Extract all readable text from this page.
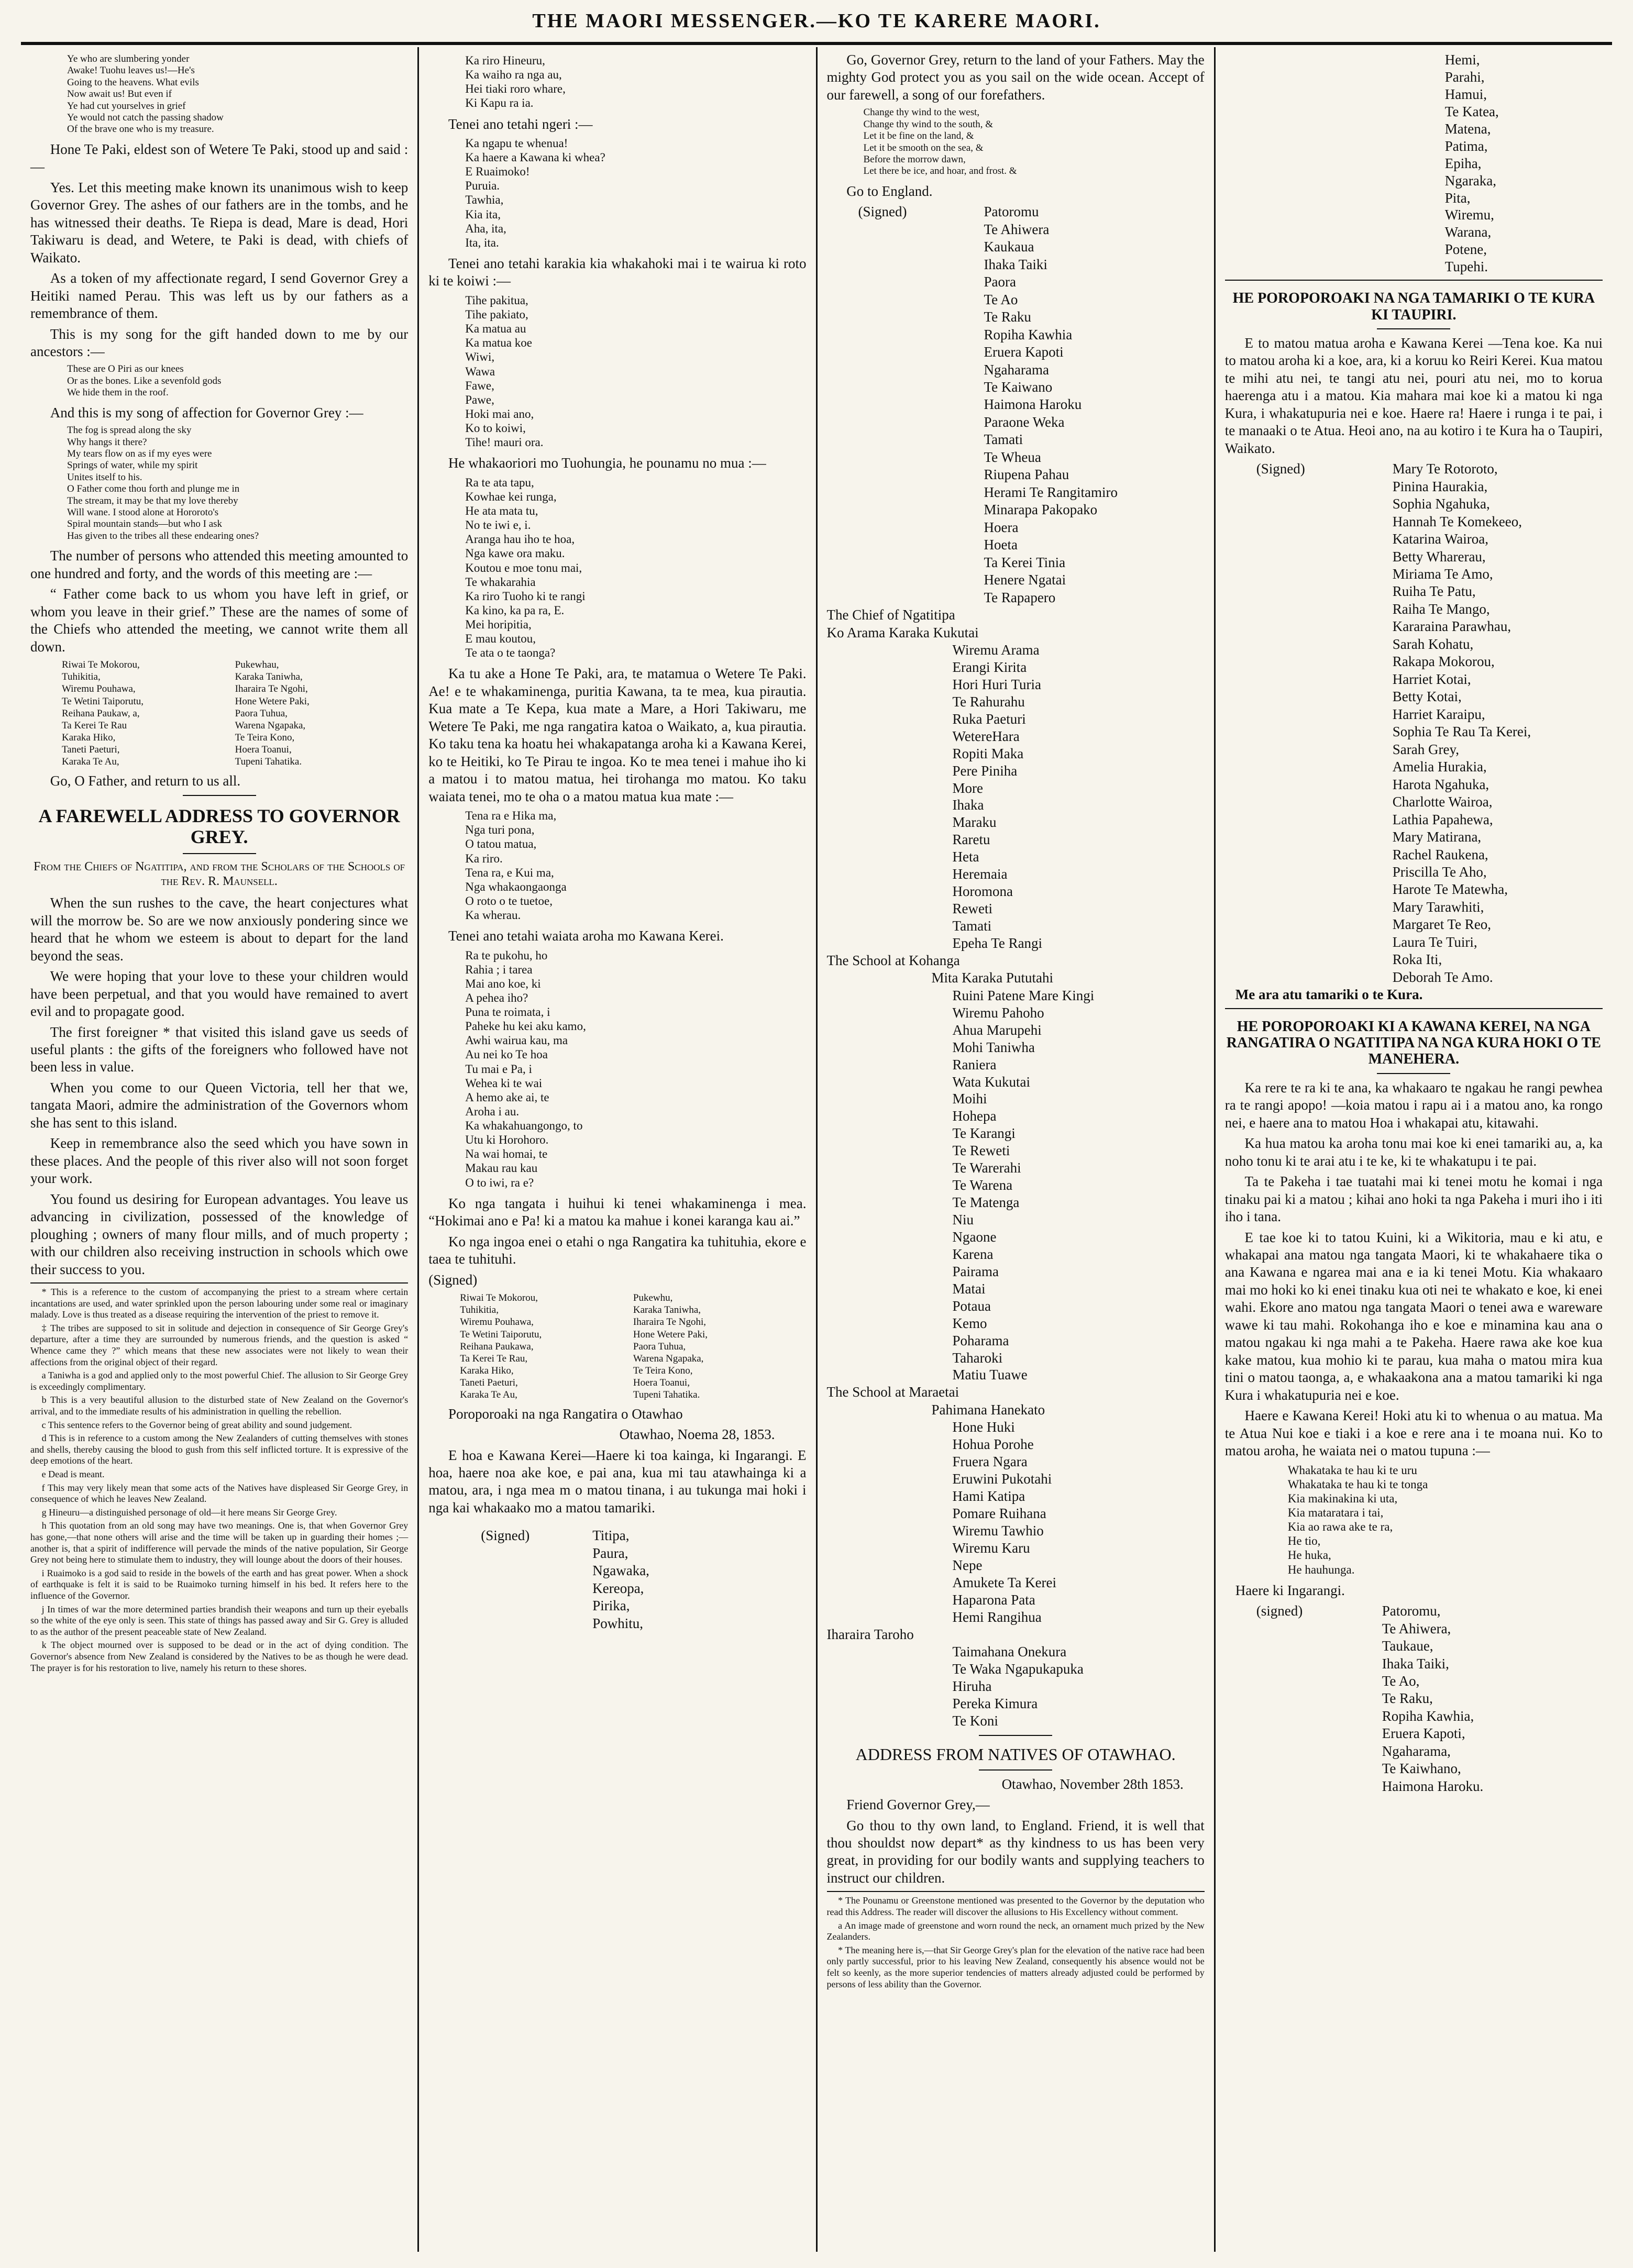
THE MAORI MESSENGER.—KO TE KARERE MAORI.
Ye who are slumbering yonder
Awake! Tuohu leaves us!—He's
Going to the heavens. What evils
Now await us! But even if
Ye had cut yourselves in grief
Ye would not catch the passing shadow
Of the brave one who is my treasure.

Hone Te Paki, eldest son of Wetere Te Paki, stood up and said :—

Yes. Let this meeting make known its unanimous wish to keep Governor Grey. The ashes of our fathers are in the tombs, and he has witnessed their deaths. Te Riepa is dead, Mare is dead, Hori Takiwaru is dead, and Wetere, te Paki is dead, with chiefs of Waikato.

As a token of my affectionate regard, I send Governor Grey a Heitiki named Perau. This was left us by our fathers as a remembrance of them.

This is my song for the gift handed down to me by our ancestors :—

These are O Piri as our knees
Or as the bones. Like a sevenfold gods
We hide them in the roof.

And this is my song of affection for Governor Grey :—

The fog is spread along the sky
Why hangs it there?
My tears flow on as if my eyes were
Springs of water, while my spirit
Unites itself to his.
O Father come thou forth and plunge me in
The stream, it may be that my love thereby
Will wane. I stood alone at Hororoto's
Spiral mountain stands—but who I ask
Has given to the tribes all these endearing ones?

The number of persons who attended this meeting amounted to one hundred and forty, and the words of this meeting are :—

“ Father come back to us whom you have left in grief, or whom you leave in their grief.” These are the names of some of the Chiefs who attended the meeting, we cannot write them all down.

Riwai Te Mokorou,	Pukewhau,
Tuhikitia,	Karaka Taniwha,
Wiremu Pouhawa,	Iharaira Te Ngohi,
Te Wetini Taiporutu,	Hone Wetere Paki,
Reihana Paukaw, a,	Paora Tuhua,
Ta Kerei Te Rau	Warena Ngapaka,
Karaka Hiko,	Te Teira Kono,
Taneti Paeturi,	Hoera Toanui,
Karaka Te Au,	Tupeni Tahatika.

Go, O Father, and return to us all.

A FAREWELL ADDRESS TO GOVERNOR GREY.
From the Chiefs of Ngatitipa, and from the Scholars of the Schools of the Rev. R. Maunsell.

When the sun rushes to the cave, the heart conjectures what will the morrow be. So are we now anxiously pondering since we heard that he whom we esteem is about to depart for the land beyond the seas.

We were hoping that your love to these your children would have been perpetual, and that you would have remained to avert evil and to propagate good.

The first foreigner * that visited this island gave us seeds of useful plants : the gifts of the foreigners who followed have not been less in value.

When you come to our Queen Victoria, tell her that we, tangata Maori, admire the administration of the Governors whom she has sent to this island.

Keep in remembrance also the seed which you have sown in these places. And the people of this river also will not soon forget your work.

You found us desiring for European advantages. You leave us advancing in civilization, possessed of the knowledge of ploughing ; owners of many flour mills, and of much property ; with our children also receiving instruction in schools which owe their success to you.

* This is a reference to the custom of accompanying the priest to a stream where certain incantations are used, and water sprinkled upon the person labouring under some real or imaginary malady. Love is thus treated as a disease requiring the intervention of the priest to remove it.

‡ The tribes are supposed to sit in solitude and dejection in consequence of Sir George Grey's departure, after a time they are surrounded by numerous friends, and the question is asked “ Whence came they ?” which means that these new associates were not likely to wean their affections from the original object of their regard.

a Taniwha is a god and applied only to the most powerful Chief. The allusion to Sir George Grey is exceedingly complimentary.

b This is a very beautiful allusion to the disturbed state of New Zealand on the Governor's arrival, and to the immediate results of his administration in quelling the rebellion.

c This sentence refers to the Governor being of great ability and sound judgement.

d This is in reference to a custom among the New Zealanders of cutting themselves with stones and shells, thereby causing the blood to gush from this self inflicted torture. It is expressive of the deep emotions of the heart.

e Dead is meant.

f This may very likely mean that some acts of the Natives have displeased Sir George Grey, in consequence of which he leaves New Zealand.

g Hineuru—a distinguished personage of old—it here means Sir George Grey.

h This quotation from an old song may have two meanings. One is, that when Governor Grey has gone,—that none others will arise and the time will be taken up in guarding their homes ;—another is, that a spirit of indifference will pervade the minds of the native population, Sir George Grey not being here to stimulate them to industry, they will lounge about the doors of their houses.

i Ruaimoko is a god said to reside in the bowels of the earth and has great power. When a shock of earthquake is felt it is said to be Ruaimoko turning himself in his bed. It refers here to the influence of the Governor.

j In times of war the more determined parties brandish their weapons and turn up their eyeballs so the white of the eye only is seen. This state of things has passed away and Sir G. Grey is alluded to as the author of the present peaceable state of New Zealand.

k The object mourned over is supposed to be dead or in the act of dying condition. The Governor's absence from New Zealand is considered by the Natives to be as though he were dead. The prayer is for his restoration to live, namely his return to these shores.

Ka riro Hineuru,
Ka waiho ra nga au,
Hei tiaki roro whare,
Ki Kapu ra ia.

Tenei ano tetahi ngeri :—

Ka ngapu te whenua!
Ka haere a Kawana ki whea?
E Ruaimoko!
Puruia.
Tawhia,
Kia ita,
Aha, ita,
Ita, ita.

Tenei ano tetahi karakia kia whakahoki mai i te wairua ki roto ki te koiwi :—

Tihe pakitua,
Tihe pakiato,
Ka matua au
Ka matua koe
Wiwi,
Wawa
Fawe,
Pawe,
Hoki mai ano,
Ko to koiwi,
Tihe! mauri ora.

He whakaoriori mo Tuohungia, he pounamu no mua :—

Ra te ata tapu,
Kowhae kei runga,
He ata mata tu,
No te iwi e, i.
Aranga hau iho te hoa,
Nga kawe ora maku.
Koutou e moe tonu mai,
Te whakarahia
Ka riro Tuoho ki te rangi
Ka kino, ka pa ra, E.
Mei horipitia,
E mau koutou,
Te ata o te taonga?

Ka tu ake a Hone Te Paki, ara, te matamua o Wetere Te Paki. Ae! e te whakaminenga, puritia Kawana, ta te mea, kua pirautia. Kua mate a Te Kepa, kua mate a Mare, a Hori Takiwaru, me Wetere Te Paki, me nga rangatira katoa o Waikato, a, kua pirautia. Ko taku tena ka hoatu hei whakapatanga aroha ki a Kawana Kerei, ko te Heitiki, ko Te Pirau te ingoa. Ko te mea tenei i mahue iho ki a matou i to matou matua, hei tirohanga mo matou. Ko taku waiata tenei, mo te oha o a matou matua kua mate :—

Tena ra e Hika ma,
Nga turi pona,
O tatou matua,
Ka riro.
Tena ra, e Kui ma,
Nga whakaongaonga
O roto o te tuetoe,
Ka wherau.

Tenei ano tetahi waiata aroha mo Kawana Kerei.

Ra te pukohu, ho
Rahia ; i tarea
Mai ano koe, ki
A pehea iho?
Puna te roimata, i
Paheke hu kei aku kamo,
Awhi wairua kau, ma
Au nei ko Te hoa
Tu mai e Pa, i
Wehea ki te wai
A hemo ake ai, te
Aroha i au.
Ka whakahuangongo, to
Utu ki Horohoro.
Na wai homai, te
Makau rau kau
O to iwi, ra e?

Ko nga tangata i huihui ki tenei whakaminenga i mea. “Hokimai ano e Pa! ki a matou ka mahue i konei karanga kau ai.”

Ko nga ingoa enei o etahi o nga Rangatira ka tuhituhia, ekore e taea te tuhituhi.

(Signed)

Riwai Te Mokorou,	Pukewhu,
Tuhikitia,	Karaka Taniwha,
Wiremu Pouhawa,	Iharaira Te Ngohi,
Te Wetini Taiporutu,	Hone Wetere Paki,
Reihana Paukawa,	Paora Tuhua,
Ta Kerei Te Rau,	Warena Ngapaka,
Karaka Hiko,	Te Teira Kono,
Taneti Paeturi,	Hoera Toanui,
Karaka Te Au,	Tupeni Tahatika.

Poroporoaki na nga Rangatira o Otawhao

Otawhao, Noema 28, 1853.

E hoa e Kawana Kerei—Haere ki toa kainga, ki Ingarangi. E hoa, haere noa ake koe, e pai ana, kua mi tau atawhainga ki a matou, ara, i nga mea m o matou tinana, i au tukunga mai hoki i nga kai whakaako mo a matou tamariki.

(Signed)	Titipa,
Paura,
Ngawaka,
Kereopa,
Pirika,
Powhitu,

Go, Governor Grey, return to the land of your Fathers. May the mighty God protect you as you sail on the wide ocean. Accept of our farewell, a song of our forefathers.

Change thy wind to the west,
Change thy wind to the south, &
Let it be fine on the land, &
Let it be smooth on the sea, &
Before the morrow dawn,
Let there be ice, and hoar, and frost. &

Go to England.

(Signed)	Patoromu
Te Ahiwera
Kaukaua
Ihaka Taiki
Paora
Te Ao
Te Raku
Ropiha Kawhia
Eruera Kapoti
Ngaharama
Te Kaiwano
Haimona Haroku
Paraone Weka
Tamati
Te Wheua
Riupena Pahau
Herami Te Rangitamiro
Minarapa Pakopako
Hoera
Hoeta
Ta Kerei Tinia
Henere Ngatai
Te Rapapero
The Chief of Ngatitipa
Ko Arama Karaka Kukutai
Wiremu Arama
Erangi Kirita
Hori Huri Turia
Te Rahurahu
Ruka Paeturi
WetereHara
Ropiti Maka
Pere Piniha
More
Ihaka
Maraku
Raretu
Heta
Heremaia
Horomona
Reweti
Tamati
Epeha Te Rangi
The School at Kohanga
Mita Karaka Pututahi
Ruini Patene Mare Kingi
Wiremu Pahoho
Ahua Marupehi
Mohi Taniwha
Raniera
Wata Kukutai
Moihi
Hohepa
Te Karangi
Te Reweti
Te Warerahi
Te Warena
Te Matenga
Niu
Ngaone
Karena
Pairama
Matai
Potaua
Kemo
Poharama
Taharoki
Matiu Tuawe
The School at Maraetai
Pahimana Hanekato
Hone Huki
Hohua Porohe
Fruera Ngara
Eruwini Pukotahi
Hami Katipa
Pomare Ruihana
Wiremu Tawhio
Wiremu Karu
Nepe
Amukete Ta Kerei
Haparona Pata
Hemi Rangihua
Iharaira Taroho
Taimahana Onekura
Te Waka Ngapukapuka
Hiruha
Pereka Kimura
Te Koni
ADDRESS FROM NATIVES OF OTAWHAO.

Otawhao, November 28th 1853.

Friend Governor Grey,—

Go thou to thy own land, to England. Friend, it is well that thou shouldst now depart* as thy kindness to us has been very great, in providing for our bodily wants and supplying teachers to instruct our children.

* The Pounamu or Greenstone mentioned was presented to the Governor by the deputation who read this Address. The reader will discover the allusions to His Excellency without comment.

a An image made of greenstone and worn round the neck, an ornament much prized by the New Zealanders.

* The meaning here is,—that Sir George Grey's plan for the elevation of the native race had been only partly successful, prior to his leaving New Zealand, consequently his absence would not be felt so keenly, as the more superior tendencies of matters already adjusted could be performed by persons of less ability than the Governor.

Hemi,
Parahi,
Hamui,
Te Katea,
Matena,
Patima,
Epiha,
Ngaraka,
Pita,
Wiremu,
Warana,
Potene,
Tupehi.
HE POROPOROAKI NA NGA TAMARIKI O TE KURA KI TAUPIRI.

E to matou matua aroha e Kawana Kerei —Tena koe. Ka nui to matou aroha ki a koe, ara, ki a koruu ko Reiri Kerei. Kua matou te mihi atu nei, te tangi atu nei, pouri atu nei, mo to korua haerenga atu i a matou. Kia mahara mai koe ki a matou ki nga Kura, i whakatupuria nei e koe. Haere ra! Haere i runga i te pai, i te manaaki o te Atua. Heoi ano, na au kotiro i te Kura ha o Taupiri, Waikato.

(Signed)	Mary Te Rotoroto,
Pinina Haurakia,
Sophia Ngahuka,
Hannah Te Komekeeo,
Katarina Wairoa,
Betty Wharerau,
Miriama Te Amo,
Ruiha Te Patu,
Raiha Te Mango,
Kararaina Parawhau,
Sarah Kohatu,
Rakapa Mokorou,
Harriet Kotai,
Betty Kotai,
Harriet Karaipu,
Sophia Te Rau Ta Kerei,
Sarah Grey,
Amelia Hurakia,
Harota Ngahuka,
Charlotte Wairoa,
Lathia Papahewa,
Mary Matirana,
Rachel Raukena,
Priscilla Te Aho,
Harote Te Matewha,
Mary Tarawhiti,
Margaret Te Reo,
Laura Te Tuiri,
Roka Iti,
Deborah Te Amo.

Me ara atu tamariki o te Kura.

HE POROPOROAKI KI A KAWANA KEREI, NA NGA RANGATIRA O NGATITIPA NA NGA KURA HOKI O TE MANEHERA.

Ka rere te ra ki te ana, ka whakaaro te ngakau he rangi pewhea ra te rangi apopo! —koia matou i rapu ai i a matou ano, ka rongo nei, e haere ana to matou Hoa i whakapai atu, kitawahi.

Ka hua matou ka aroha tonu mai koe ki enei tamariki au, a, ka noho tonu ki te arai atu i te ke, ki te whakatupu i te pai.

Ta te Pakeha i tae tuatahi mai ki tenei motu he komai i nga tinaku pai ki a matou ; kihai ano hoki ta nga Pakeha i muri iho i iti iho i tana.

E tae koe ki to tatou Kuini, ki a Wikitoria, mau e ki atu, e whakapai ana matou nga tangata Maori, ki te whakahaere tika o ana Kawana e ngarea mai ana e ia ki tenei Motu. Kia whakaaro mai mo hoki ko ki enei tinaku kua oti nei te whakato e koe, ki enei wahi. Ekore ano matou nga tangata Maori o tenei awa e wareware wawe ki tau mahi. Rokohanga iho e koe e minamina kau ana o matou ngakau ki nga mahi a te Pakeha. Haere rawa ake koe kua kake matou, kua mohio ki te parau, kua maha o matou mira kua tini o matou taonga, a, e whakaakona ana a matou tamariki ki nga Kura i whakatupuria nei e koe.

Haere e Kawana Kerei! Hoki atu ki to whenua o au matua. Ma te Atua Nui koe e tiaki i a koe e rere ana i te moana nui. Ko to matou aroha, he waiata nei o matou tupuna :—

Whakataka te hau ki te uru
Whakataka te hau ki te tonga
Kia makinakina ki uta,
Kia mataratara i tai,
Kia ao rawa ake te ra,
He tio,
He huka,
He hauhunga.

Haere ki Ingarangi.

(signed)	Patoromu,
Te Ahiwera,
Taukaue,
Ihaka Taiki,
Te Ao,
Te Raku,
Ropiha Kawhia,
Eruera Kapoti,
Ngaharama,
Te Kaiwhano,
Haimona Haroku.
